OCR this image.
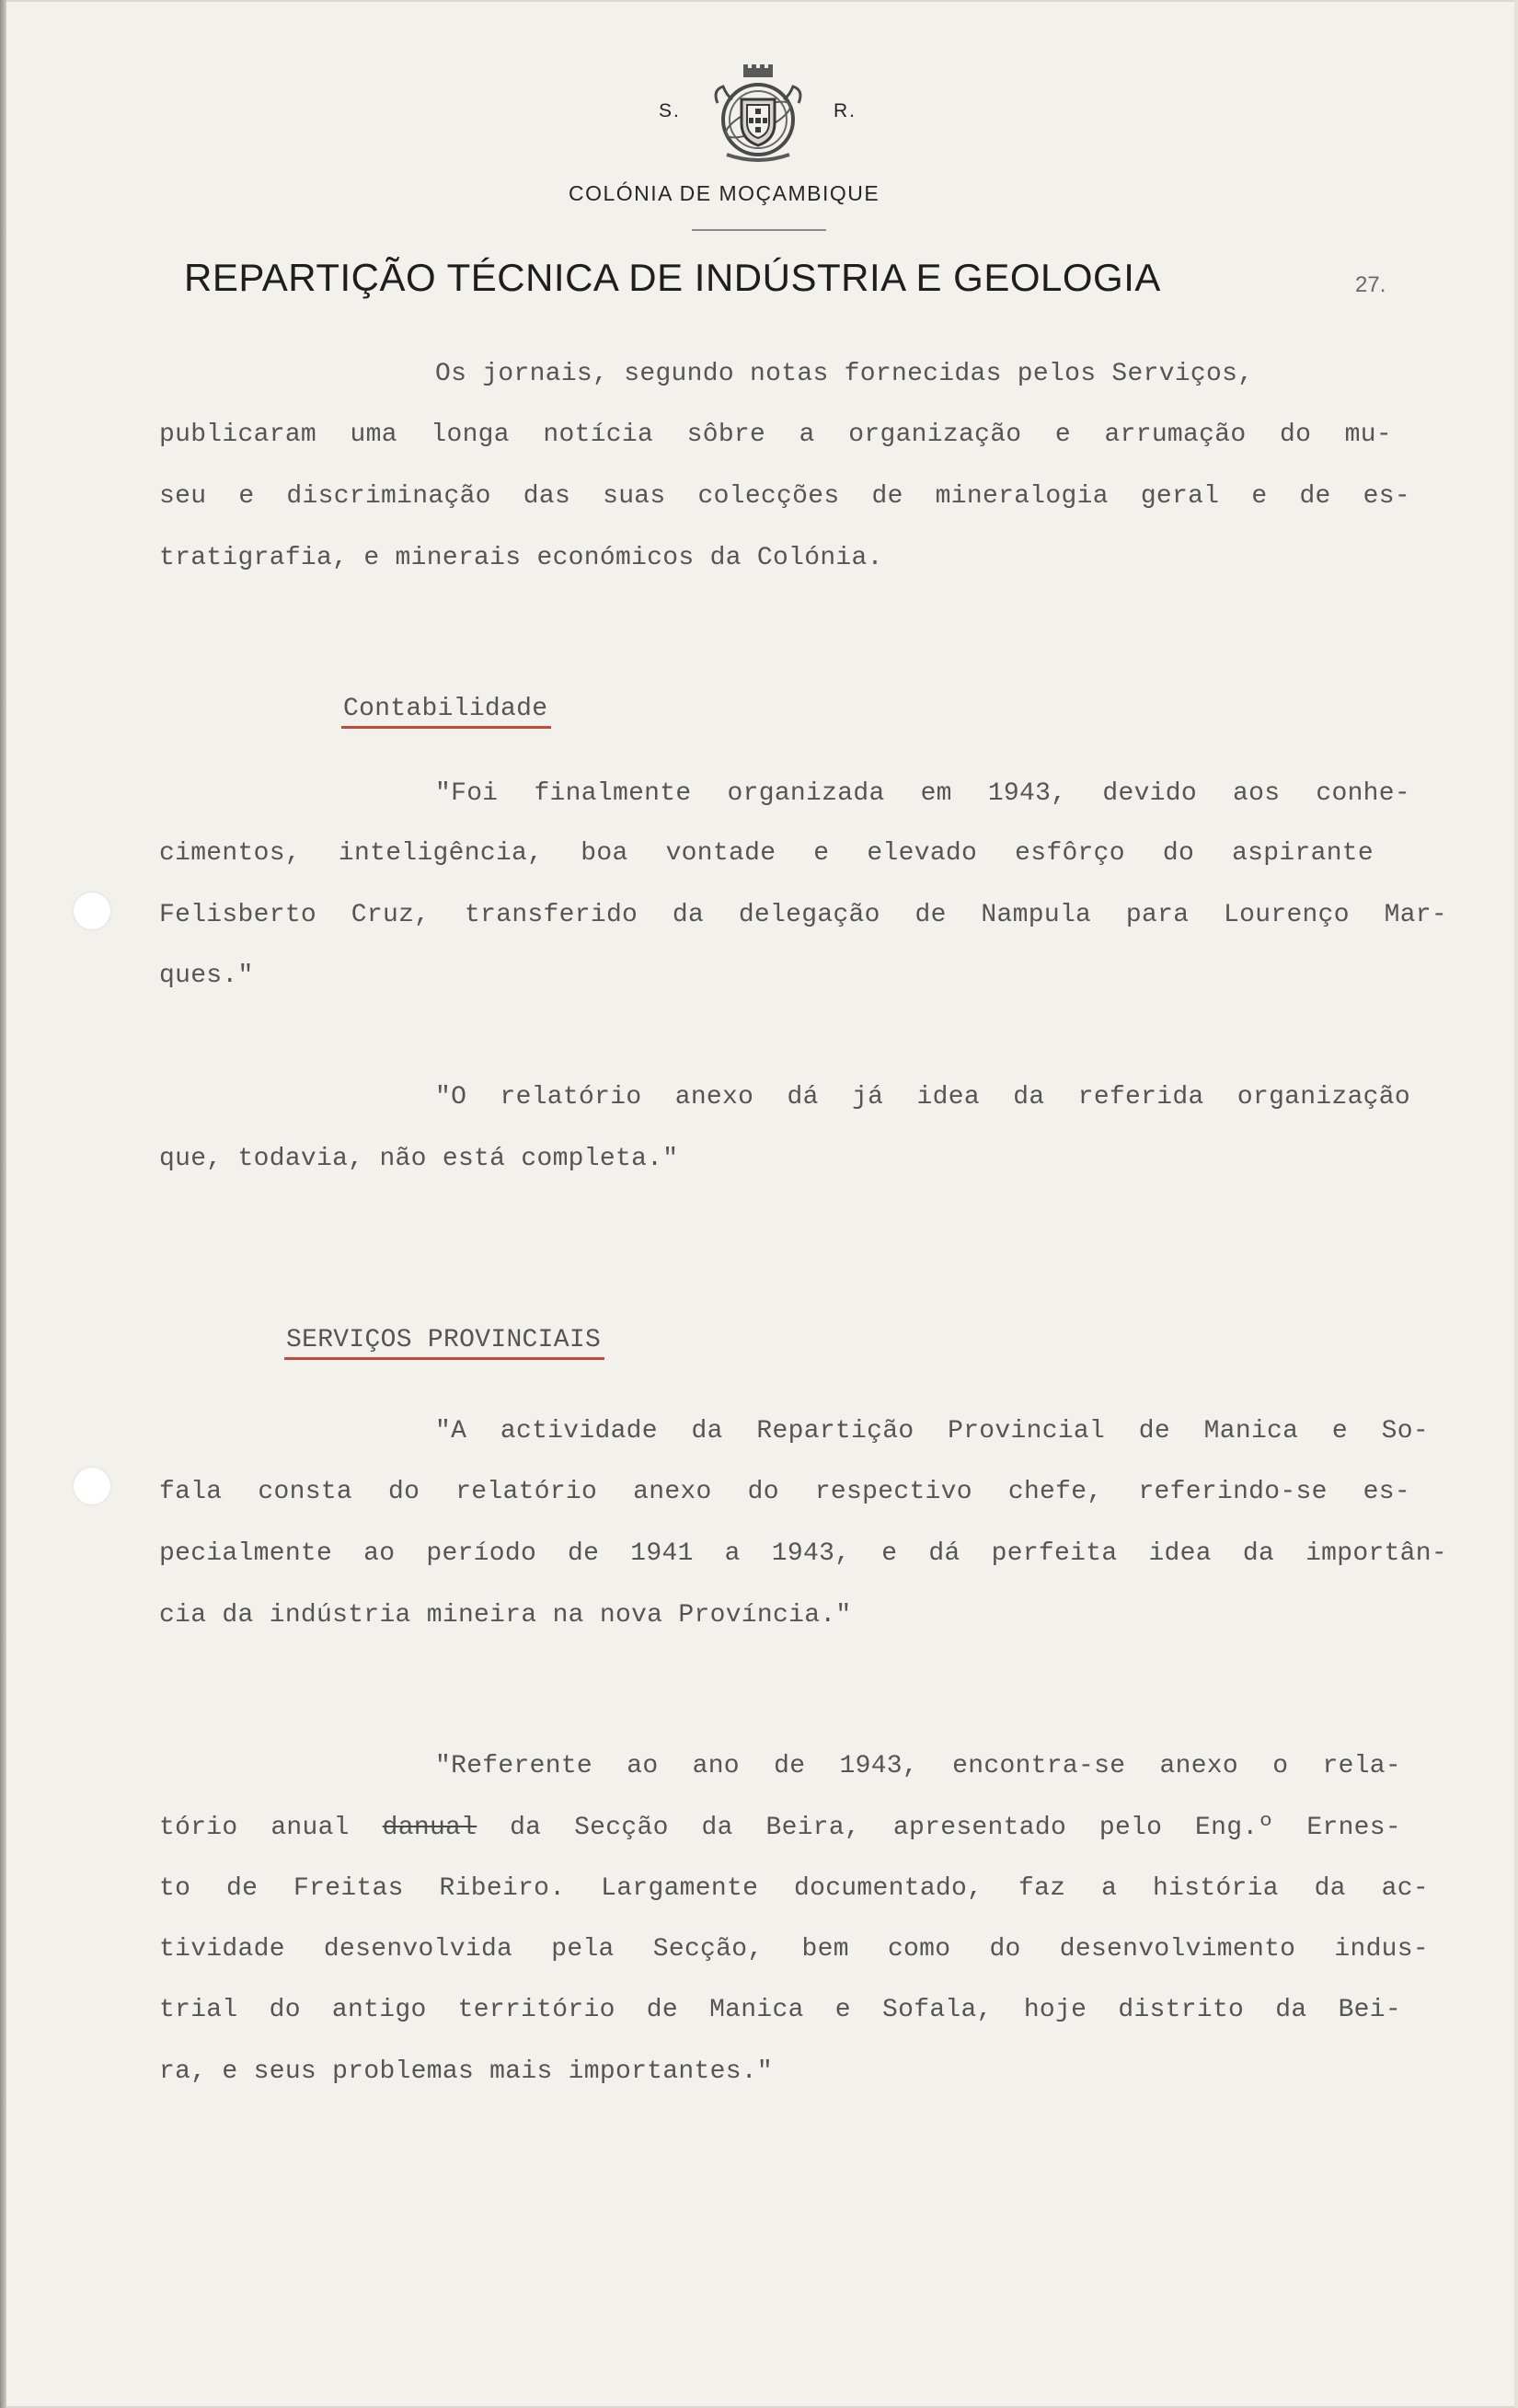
S.	R.
COLÓNIA DE MOÇAMBIQUE
REPARTIÇÃO TÉCNICA DE INDÚSTRIA E GEOLOGIA	27.

Os jornais, segundo notas fornecidas pelos Serviços,

publicaram uma longa notícia sôbre a organização e arrumação do mu-

seu e discriminação das suas colecções de mineralogia geral e de es-

tratigrafia, e minerais económicos da Colónia.

Contabilidade

"Foi finalmente organizada em 1943, devido aos conhe-

cimentos, inteligência, boa vontade e elevado esfôrço do aspirante

Felisberto Cruz, transferido da delegação de Nampula para Lourenço Mar-

ques."

"O relatório anexo dá já idea da referida organização

que, todavia, não está completa."

SERVIÇOS PROVINCIAIS

"A actividade da Repartição Provincial de Manica e So-

fala consta do relatório anexo do respectivo chefe, referindo-se es-

pecialmente ao período de 1941 a 1943, e dá perfeita idea da importân-

cia da indústria mineira na nova Província."

"Referente ao ano de 1943, encontra-se anexo o rela-

tório anual danual da Secção da Beira, apresentado pelo Eng.º Ernes-

to de Freitas Ribeiro. Largamente documentado, faz a história da ac-

tividade desenvolvida pela Secção, bem como do desenvolvimento indus-

trial do antigo território de Manica e Sofala, hoje distrito da Bei-

ra, e seus problemas mais importantes."
